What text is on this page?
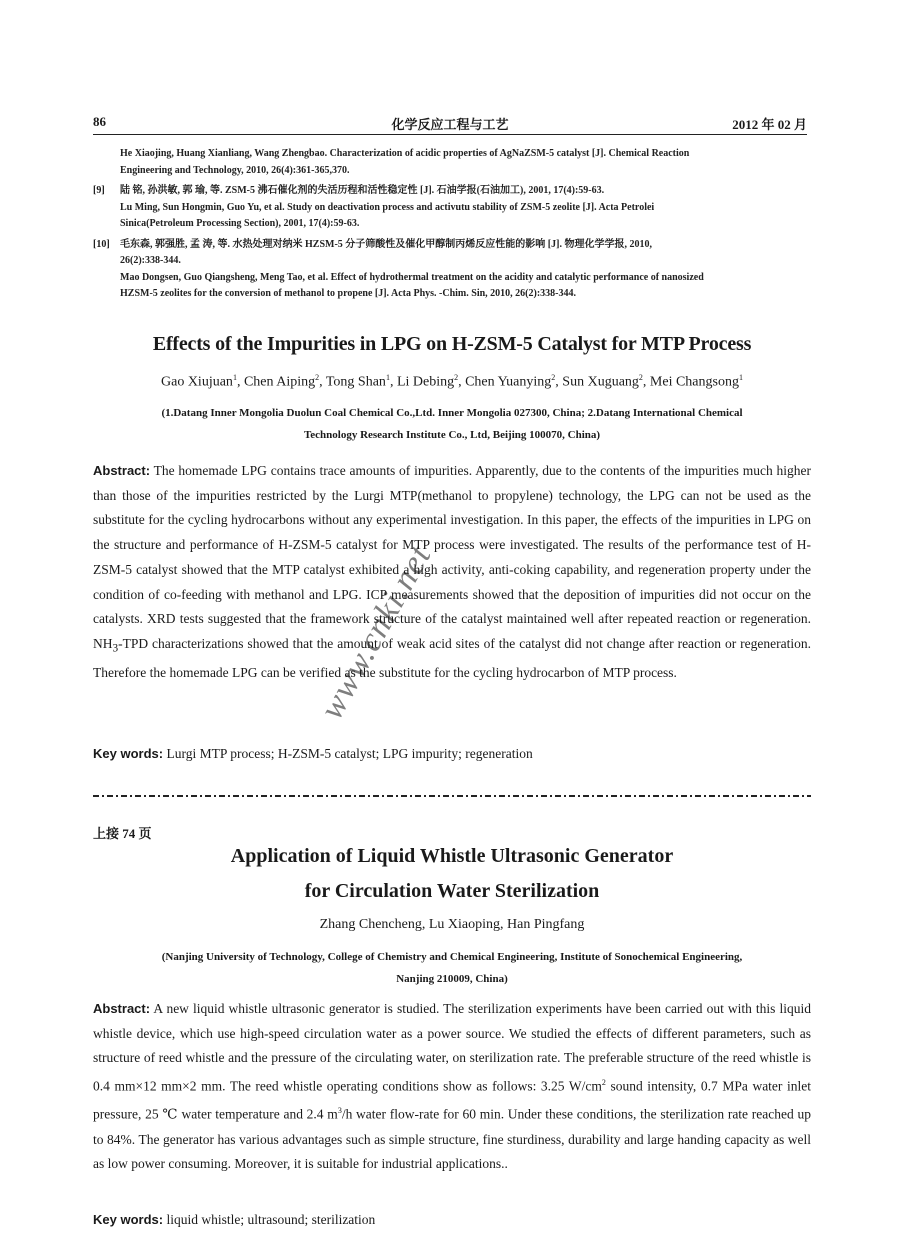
86	化学反应工程与工艺	2012 年 02 月
He Xiaojing, Huang Xianliang, Wang Zhengbao. Characterization of acidic properties of AgNaZSM-5 catalyst [J]. Chemical Reaction
Engineering and Technology, 2010, 26(4):361-365,370.
[9] 陆 铭, 孙洪敏, 郭 瑜, 等. ZSM-5 沸石催化剂的失活历程和活性稳定性 [J]. 石油学报(石油加工), 2001, 17(4):59-63.
Lu Ming, Sun Hongmin, Guo Yu, et al. Study on deactivation process and activutu stability of ZSM-5 zeolite [J]. Acta Petrolei
Sinica(Petroleum Processing Section), 2001, 17(4):59-63.
[10] 毛东森, 郭强胜, 孟 涛, 等. 水热处理对纳米 HZSM-5 分子筛酸性及催化甲醇制丙烯反应性能的影响 [J]. 物理化学学报, 2010,
26(2):338-344.
Mao Dongsen, Guo Qiangsheng, Meng Tao, et al. Effect of hydrothermal treatment on the acidity and catalytic performance of nanosized
HZSM-5 zeolites for the conversion of methanol to propene [J]. Acta Phys. -Chim. Sin, 2010, 26(2):338-344.
Effects of the Impurities in LPG on H-ZSM-5 Catalyst for MTP Process
Gao Xiujuan$^1$, Chen Aiping$^2$, Tong Shan$^1$, Li Debing$^2$, Chen Yuanying$^2$, Sun Xuguang$^2$, Mei Changsong$^1$
(1.Datang Inner Mongolia Duolun Coal Chemical Co.,Ltd. Inner Mongolia 027300, China; 2.Datang International Chemical
Technology Research Institute Co., Ltd, Beijing 100070, China)
Abstract: The homemade LPG contains trace amounts of impurities. Apparently, due to the contents of the impurities much higher than those of the impurities restricted by the Lurgi MTP(methanol to propylene) technology, the LPG can not be used as the substitute for the cycling hydrocarbons without any experimental investigation. In this paper, the effects of the impurities in LPG on the structure and performance of H-ZSM-5 catalyst for MTP process were investigated. The results of the performance test of H-ZSM-5 catalyst showed that the MTP catalyst exhibited a high activity, anti-coking capability, and regeneration property under the condition of co-feeding with methanol and LPG. ICP measurements showed that the deposition of impurities did not occur on the catalysts. XRD tests suggested that the framework structure of the catalyst maintained well after repeated reaction or regeneration. $NH_3$-TPD characterizations showed that the amount of weak acid sites of the catalyst did not change after reaction or regeneration. Therefore the homemade LPG can be verified as the substitute for the cycling hydrocarbon of MTP process.
Key words: Lurgi MTP process; H-ZSM-5 catalyst; LPG impurity; regeneration
上接 74 页
Application of Liquid Whistle Ultrasonic Generator
for Circulation Water Sterilization
Zhang Chencheng, Lu Xiaoping, Han Pingfang
(Nanjing University of Technology, College of Chemistry and Chemical Engineering, Institute of Sonochemical Engineering,
Nanjing 210009, China)
Abstract: A new liquid whistle ultrasonic generator is studied. The sterilization experiments have been carried out with this liquid whistle device, which use high-speed circulation water as a power source. We studied the effects of different parameters, such as structure of reed whistle and the pressure of the circulating water, on sterilization rate. The preferable structure of the reed whistle is 0.4 mm×12 mm×2 mm. The reed whistle operating conditions show as follows: 3.25 $W/cm^2$ sound intensity, 0.7 MPa water inlet pressure, 25 ℃ water temperature and 2.4 $m^3/h$ water flow-rate for 60 min. Under these conditions, the sterilization rate reached up to 84%. The generator has various advantages such as simple structure, fine sturdiness, durability and large handing capacity as well as low power consuming. Moreover, it is suitable for industrial applications..
Key words: liquid whistle; ultrasound; sterilization
www.cnki.net
